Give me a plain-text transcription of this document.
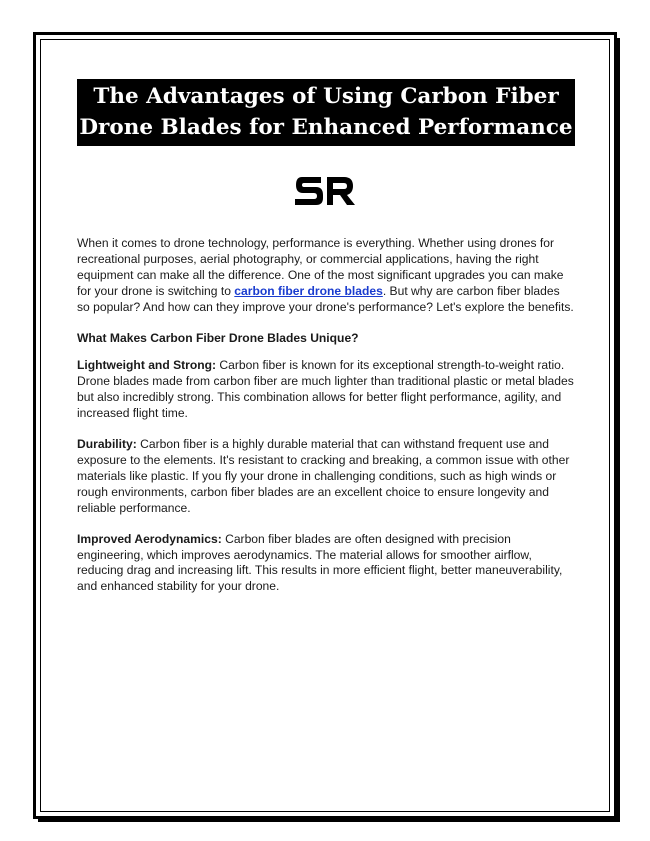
The Advantages of Using Carbon Fiber
Drone Blades for Enhanced Performance

When it comes to drone technology, performance is everything. Whether using drones for recreational purposes, aerial photography, or commercial applications, having the right equipment can make all the difference. One of the most significant upgrades you can make for your drone is switching to carbon fiber drone blades. But why are carbon fiber blades so popular? And how can they improve your drone's performance? Let's explore the benefits.

What Makes Carbon Fiber Drone Blades Unique?

Lightweight and Strong: Carbon fiber is known for its exceptional strength-to-weight ratio. Drone blades made from carbon fiber are much lighter than traditional plastic or metal blades but also incredibly strong. This combination allows for better flight performance, agility, and increased flight time.

Durability: Carbon fiber is a highly durable material that can withstand frequent use and exposure to the elements. It's resistant to cracking and breaking, a common issue with other materials like plastic. If you fly your drone in challenging conditions, such as high winds or rough environments, carbon fiber blades are an excellent choice to ensure longevity and reliable performance.

Improved Aerodynamics: Carbon fiber blades are often designed with precision engineering, which improves aerodynamics. The material allows for smoother airflow, reducing drag and increasing lift. This results in more efficient flight, better maneuverability, and enhanced stability for your drone.
